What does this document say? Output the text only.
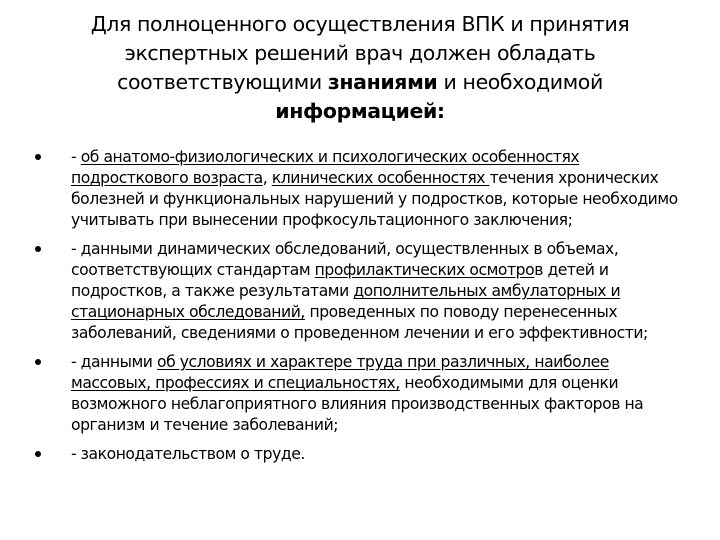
Для полноценного осуществления ВПК и принятия
экспертных решений врач должен обладать
соответствующими знаниями и необходимой информацией:
- об анатомо-физиологических и психологических особенностях подросткового возраста, клинических особенностях течения хронических болезней и функциональных нарушений у подростков, которые необходимо учитывать при вынесении профкосультационного заключения;
- данными динамических обследований, осуществленных в объемах, соответствующих стандартам профилактических осмотров детей и подростков, а также результатами дополнительных амбулаторных и стационарных обследований, проведенных по поводу перенесенных заболеваний, сведениями о проведенном лечении и его эффективности;
- данными об условиях и характере труда при различных, наиболее массовых, профессиях и специальностях, необходимыми для оценки возможного неблагоприятного влияния производственных факторов на организм и течение заболеваний;
- законодательством о труде.
